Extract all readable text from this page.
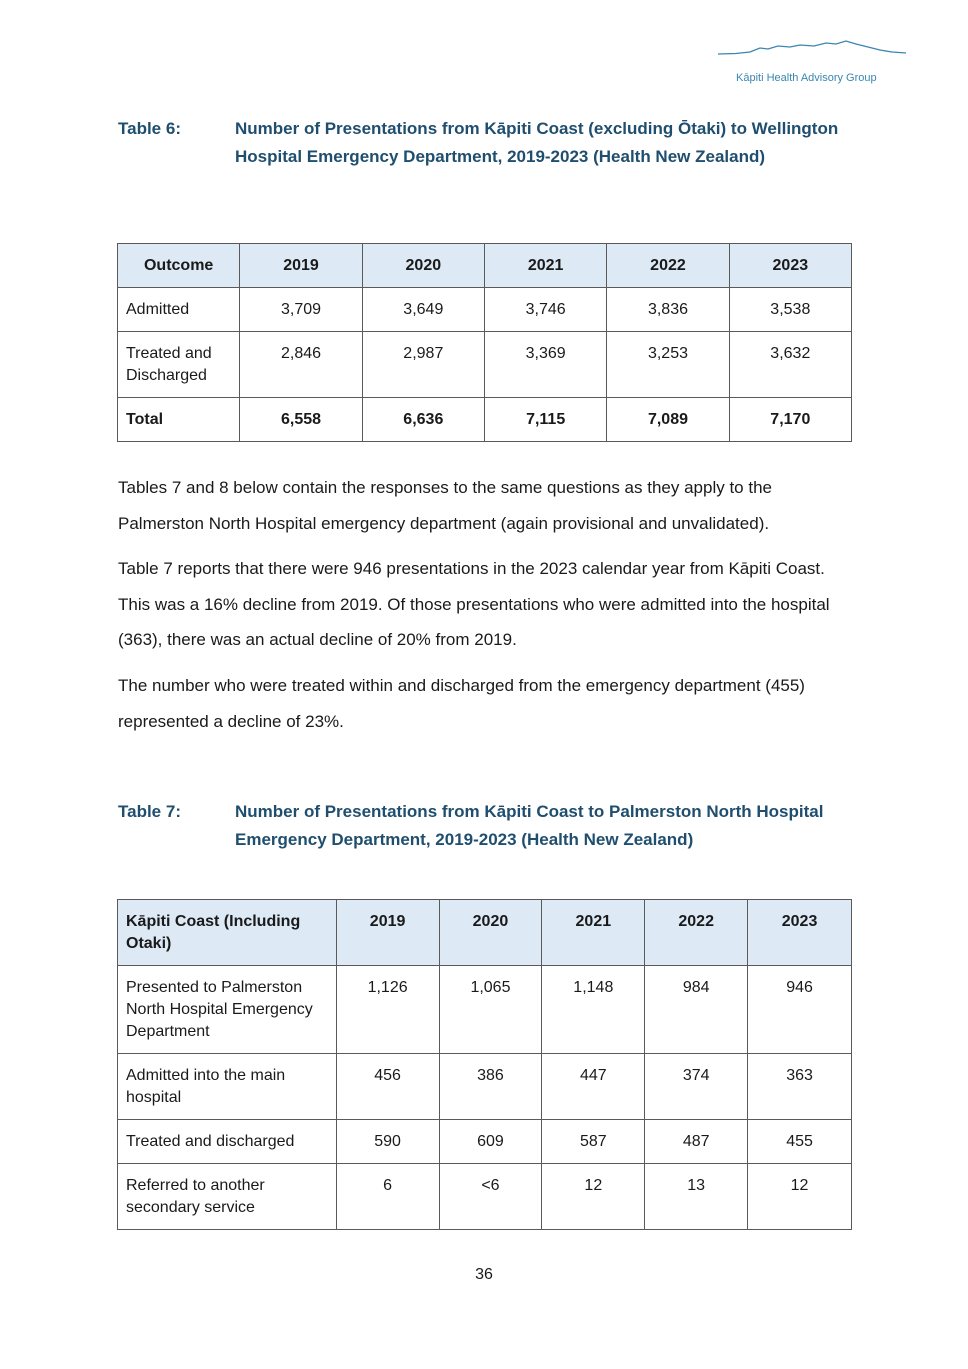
Kāpiti Health Advisory Group
Table 6:	Number of Presentations from Kāpiti Coast (excluding Ōtaki) to Wellington Hospital Emergency Department, 2019-2023 (Health New Zealand)
Outcome	2019	2020	2021	2022	2023

Admitted	3,709	3,649	3,746	3,836	3,538

Treated and Discharged	2,846	2,987	3,369	3,253	3,632

Total	6,558	6,636	7,115	7,089	7,170
Tables 7 and 8 below contain the responses to the same questions as they apply to the Palmerston North Hospital emergency department (again provisional and unvalidated).
Table 7 reports that there were 946 presentations in the 2023 calendar year from Kāpiti Coast. This was a 16% decline from 2019. Of those presentations who were admitted into the hospital (363), there was an actual decline of 20% from 2019.
The number who were treated within and discharged from the emergency department (455) represented a decline of 23%.
Table 7:	Number of Presentations from Kāpiti Coast to Palmerston North Hospital Emergency Department, 2019-2023 (Health New Zealand)
Kāpiti Coast (Including Otaki)	2019	2020	2021	2022	2023

Presented to Palmerston North Hospital Emergency Department	1,126	1,065	1,148	984	946

Admitted into the main hospital	456	386	447	374	363

Treated and discharged	590	609	587	487	455

Referred to another secondary service	6	<6	12	13	12
36
